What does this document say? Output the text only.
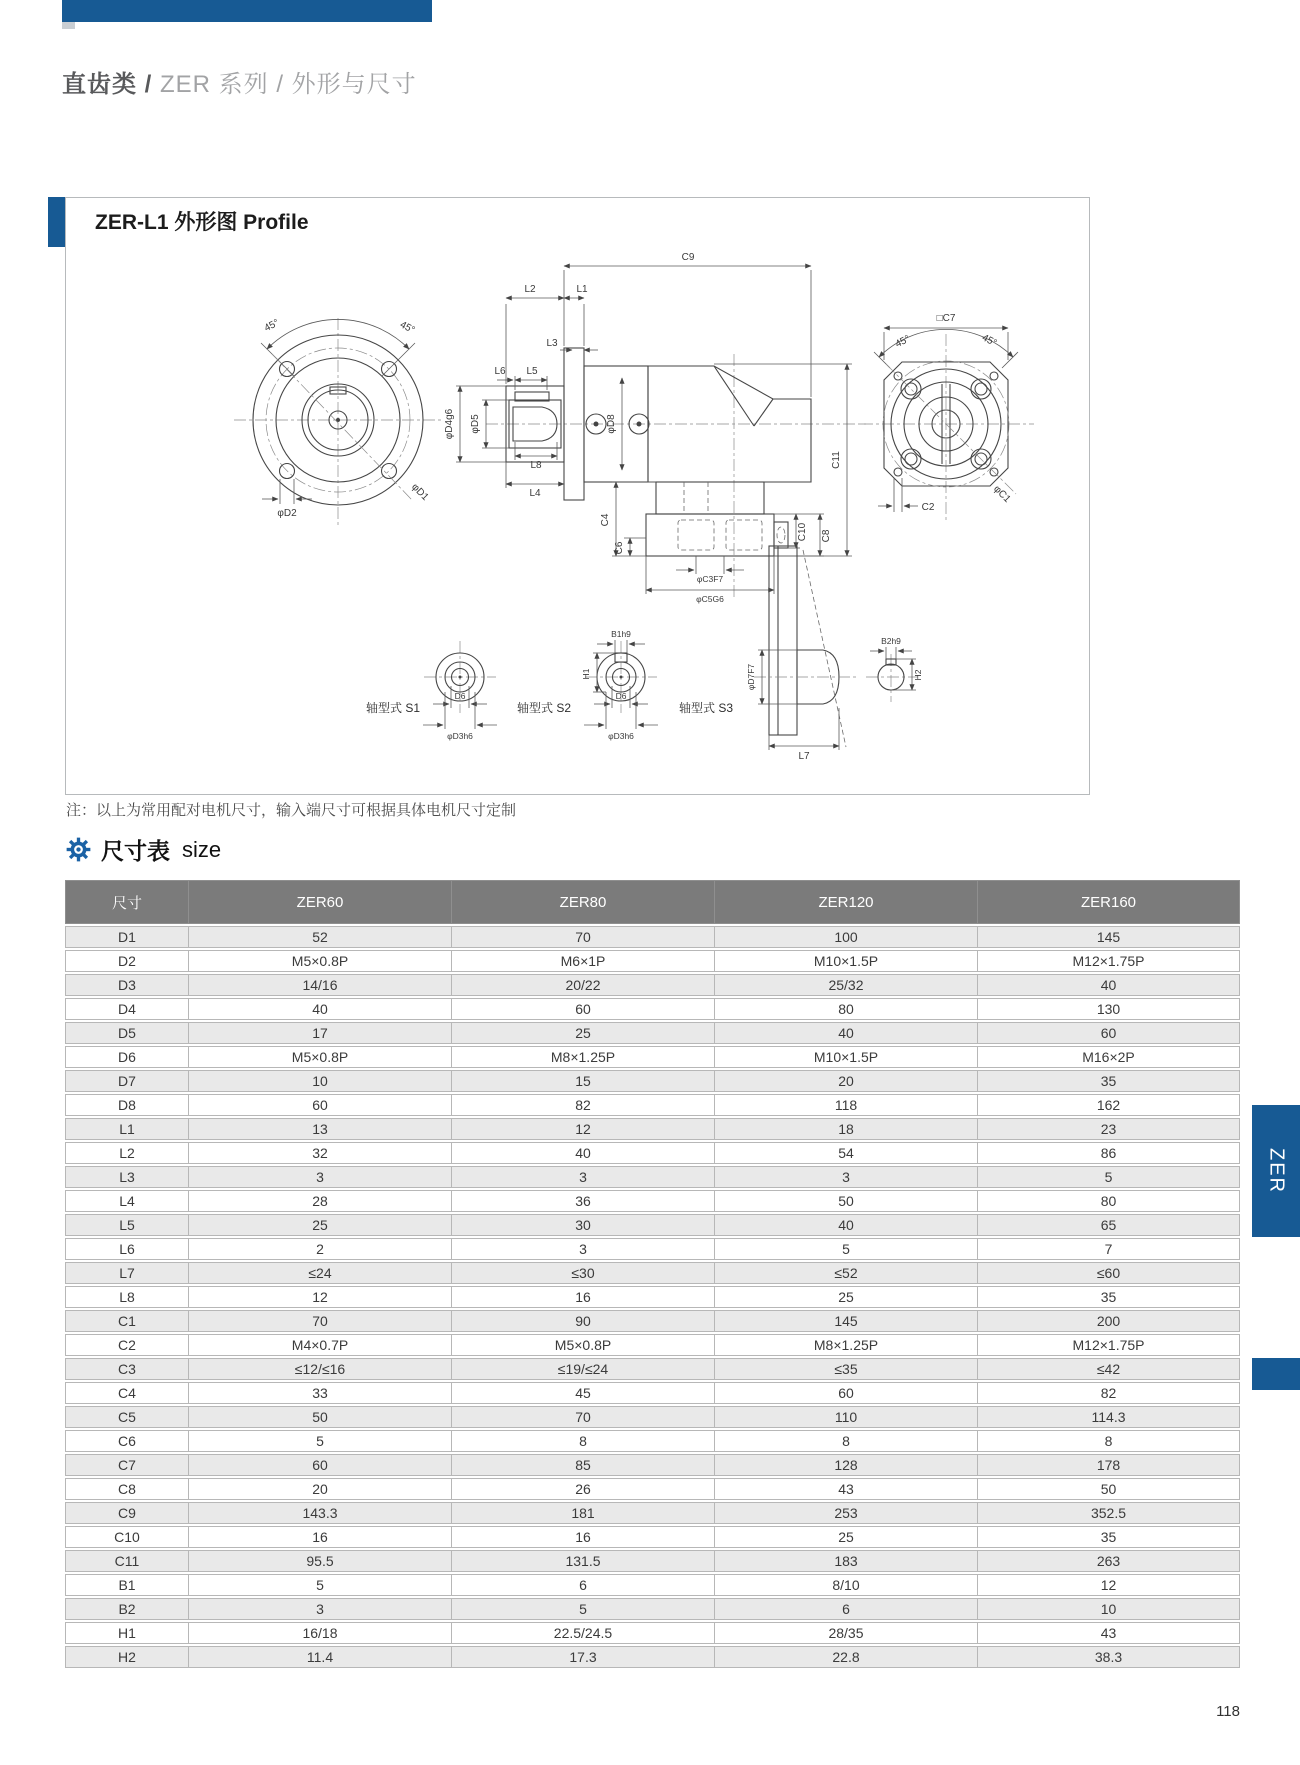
直齿类 / ZER 系列 / 外形与尺寸
45°	45°
φD2
φD1
C9
L2	L1
L3
L6 L5
φD4g6 φD5
L8
L4
φD8
C4
C6
C10 C8
φC3F7
φC5G6
C11
□C7
45°	45°
C2
φC1
D6
φD3h6
轴型式 S1
B1h9
H1
D6
φD3h6
轴型式 S2
φD7F7
L7
轴型式 S3
B2h9
H2
ZER-L1 外形图 Profile
注：以上为常用配对电机尺寸，输入端尺寸可根据具体电机尺寸定制
尺寸表 size
尺寸	ZER60	ZER80	ZER120	ZER160
D1	52	70	100	145
D2	M5×0.8P	M6×1P	M10×1.5P	M12×1.75P
D3	14/16	20/22	25/32	40
D4	40	60	80	130
D5	17	25	40	60
D6	M5×0.8P	M8×1.25P	M10×1.5P	M16×2P
D7	10	15	20	35
D8	60	82	118	162
L1	13	12	18	23
L2	32	40	54	86
L3	3	3	3	5
L4	28	36	50	80
L5	25	30	40	65
L6	2	3	5	7
L7	≤24	≤30	≤52	≤60
L8	12	16	25	35
C1	70	90	145	200
C2	M4×0.7P	M5×0.8P	M8×1.25P	M12×1.75P
C3	≤12/≤16	≤19/≤24	≤35	≤42
C4	33	45	60	82
C5	50	70	110	114.3
C6	5	8	8	8
C7	60	85	128	178
C8	20	26	43	50
C9	143.3	181	253	352.5
C10	16	16	25	35
C11	95.5	131.5	183	263
B1	5	6	8/10	12
B2	3	5	6	10
H1	16/18	22.5/24.5	28/35	43
H2	11.4	17.3	22.8	38.3
ZER
118
